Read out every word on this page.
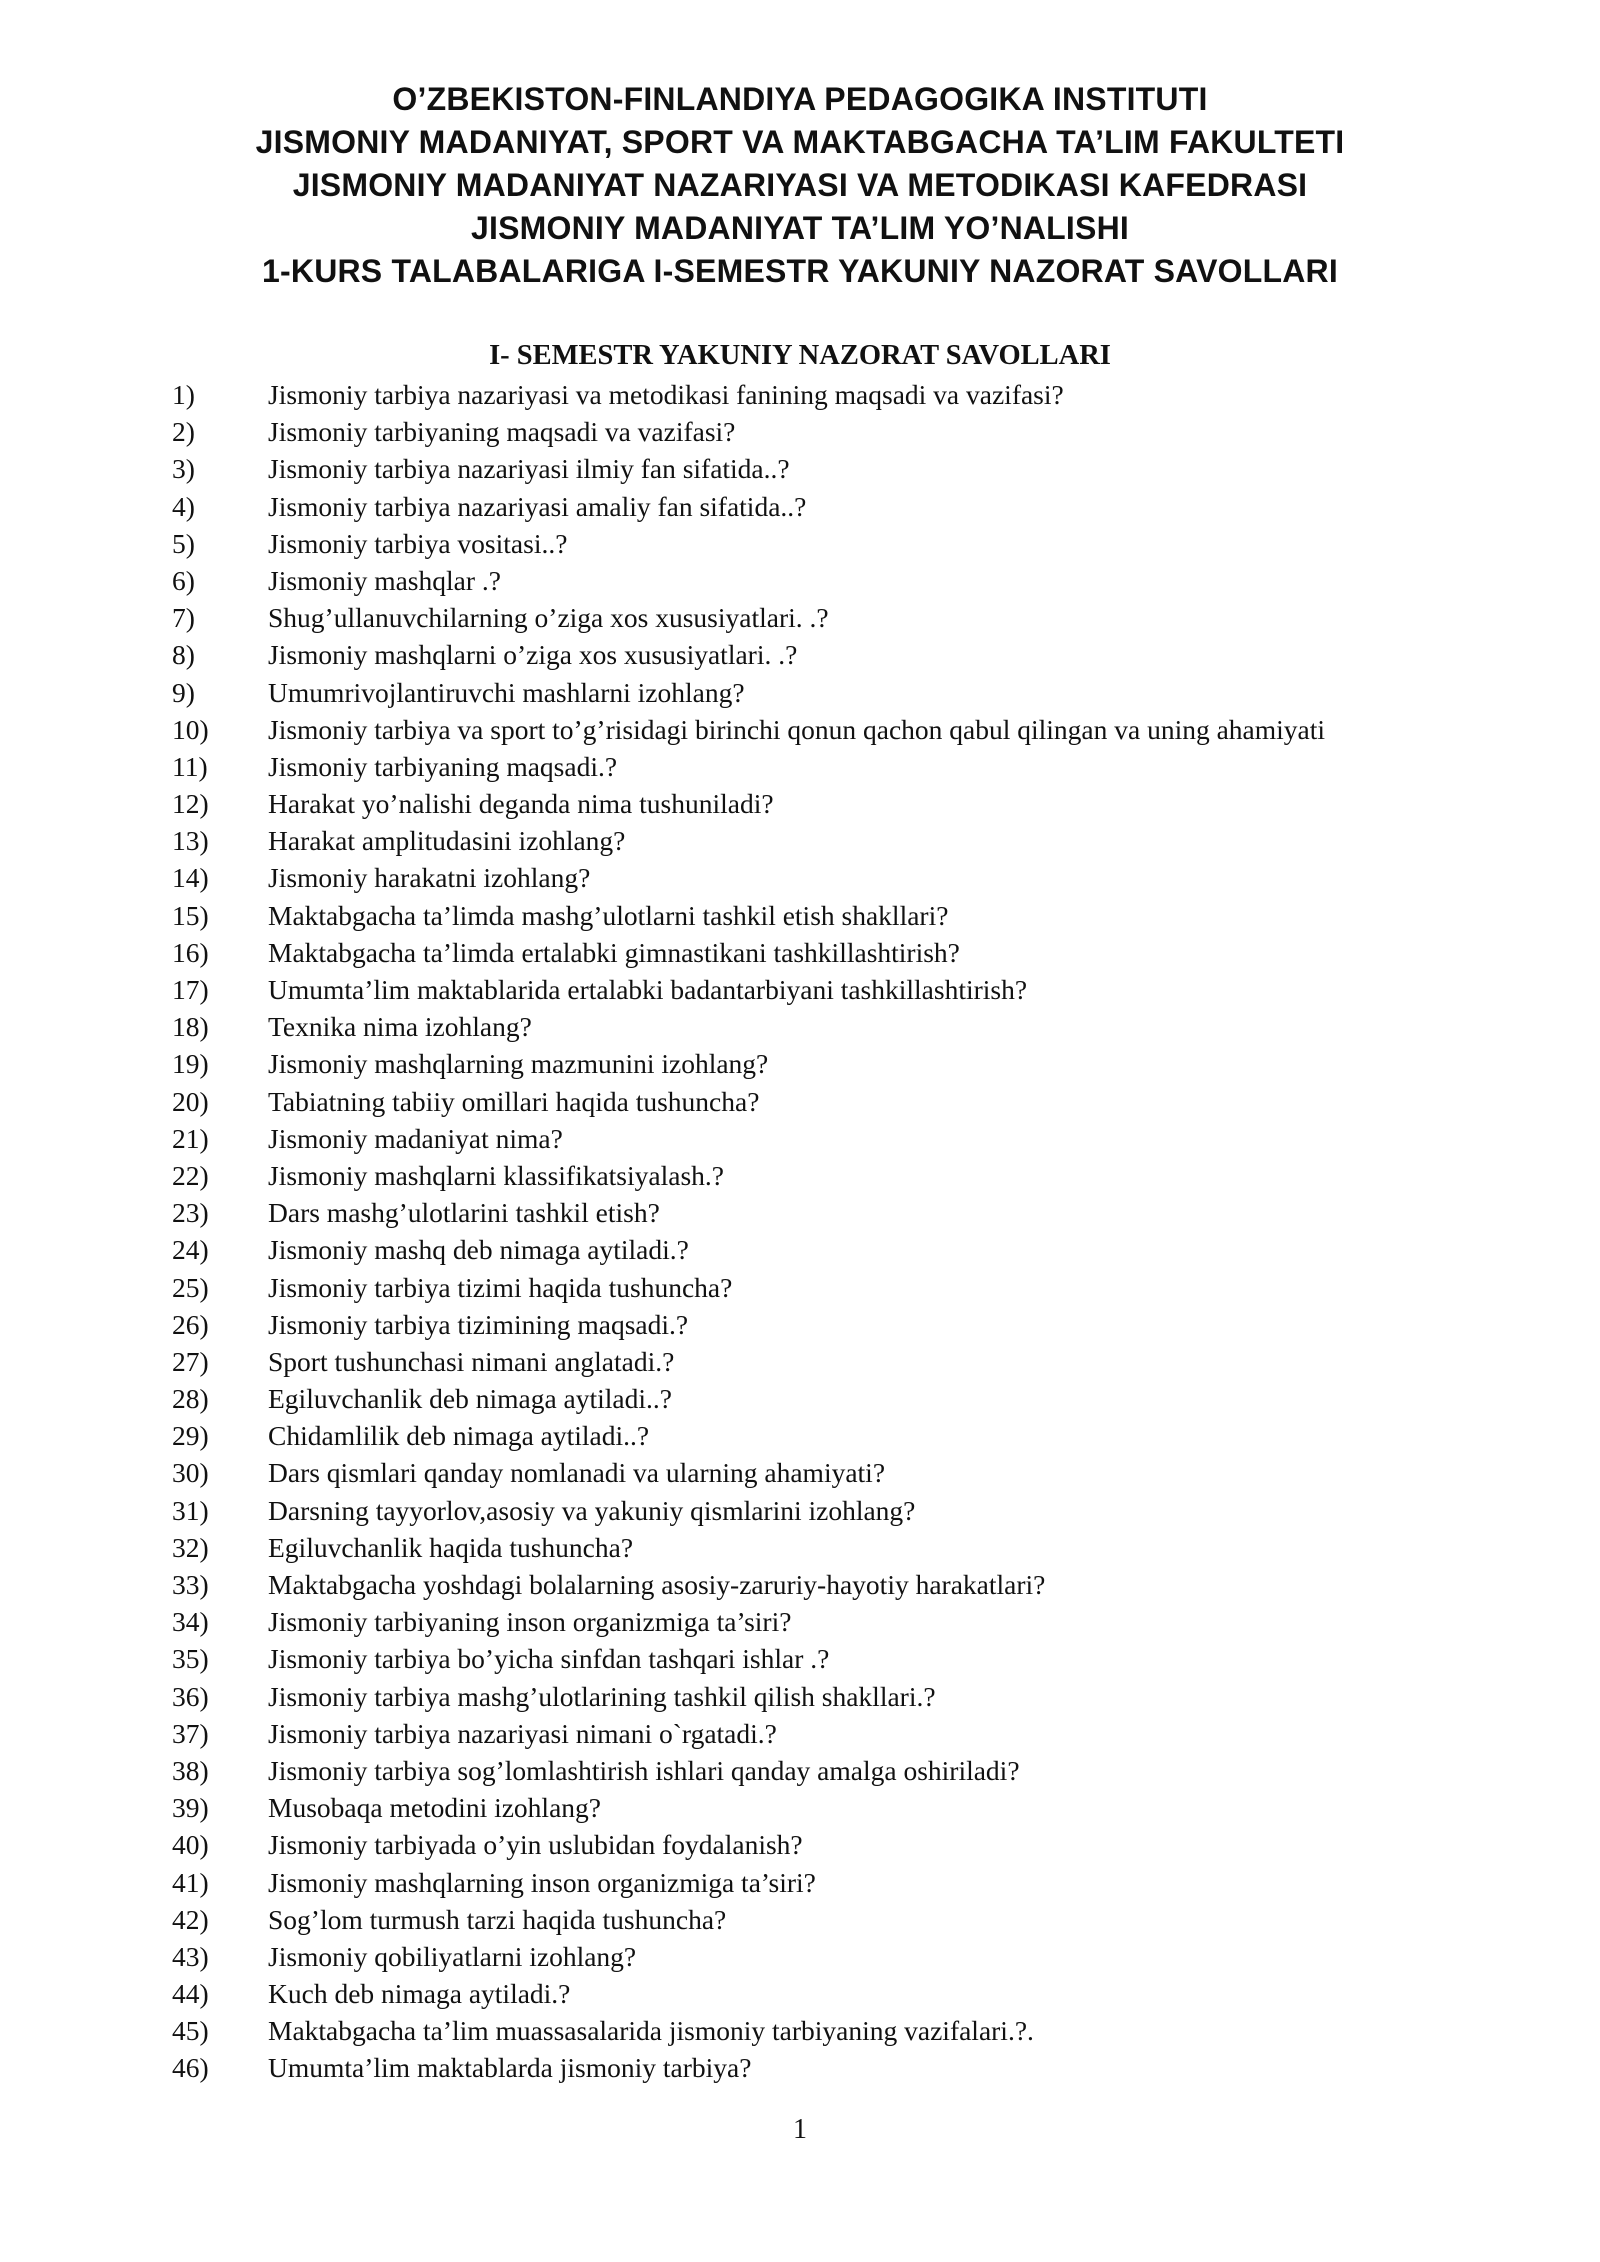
O’ZBEKISTON-FINLANDIYA PEDAGOGIKA INSTITUTI
JISMONIY MADANIYAT, SPORT VA MAKTABGACHA TA’LIM FAKULTETI
JISMONIY MADANIYAT NAZARIYASI VA METODIKASI KAFEDRASI
JISMONIY MADANIYAT TA’LIM YO’NALISHI
1-KURS TALABALARIGA I-SEMESTR YAKUNIY NAZORAT SAVOLLARI
I- SEMESTR YAKUNIY NAZORAT SAVOLLARI
1)	Jismoniy tarbiya nazariyasi va metodikasi fanining maqsadi va vazifasi?
2)	Jismoniy tarbiyaning maqsadi va vazifasi?
3)	Jismoniy tarbiya nazariyasi ilmiy fan sifatida..?
4)	Jismoniy tarbiya nazariyasi amaliy fan sifatida..?
5)	Jismoniy tarbiya vositasi..?
6)	Jismoniy mashqlar .?
7)	Shug’ullanuvchilarning o’ziga xos xususiyatlari. .?
8)	Jismoniy mashqlarni o’ziga xos xususiyatlari. .?
9)	Umumrivojlantiruvchi mashlarni izohlang?
10) Jismoniy tarbiya va sport to’g’risidagi birinchi qonun qachon qabul qilingan va uning ahamiyati
11) Jismoniy tarbiyaning maqsadi.?
12) Harakat yo’nalishi deganda nima tushuniladi?
13) Harakat amplitudasini izohlang?
14) Jismoniy harakatni izohlang?
15) Maktabgacha ta’limda mashg’ulotlarni tashkil etish shakllari?
16) Maktabgacha ta’limda ertalabki gimnastikani tashkillashtirish?
17) Umumta’lim maktablarida ertalabki badantarbiyani tashkillashtirish?
18) Texnika nima izohlang?
19) Jismoniy mashqlarning mazmunini izohlang?
20) Tabiatning tabiiy omillari haqida tushuncha?
21) Jismoniy madaniyat nima?
22) Jismoniy mashqlarni klassifikatsiyalash.?
23) Dars mashg’ulotlarini tashkil etish?
24) Jismoniy mashq deb nimaga aytiladi.?
25) Jismoniy tarbiya tizimi haqida tushuncha?
26) Jismoniy tarbiya tizimining maqsadi.?
27) Sport tushunchasi nimani anglatadi.?
28) Egiluvchanlik deb nimaga aytiladi..?
29) Chidamlilik deb nimaga aytiladi..?
30) Dars qismlari qanday nomlanadi va ularning ahamiyati?
31) Darsning tayyorlov,asosiy va yakuniy qismlarini izohlang?
32) Egiluvchanlik haqida tushuncha?
33) Maktabgacha yoshdagi bolalarning asosiy-zaruriy-hayotiy harakatlari?
34) Jismoniy tarbiyaning inson organizmiga ta’siri?
35) Jismoniy tarbiya bo’yicha sinfdan tashqari ishlar .?
36) Jismoniy tarbiya mashg’ulotlarining tashkil qilish shakllari.?
37) Jismoniy tarbiya nazariyasi nimani o`rgatadi.?
38) Jismoniy tarbiya sog’lomlashtirish ishlari qanday amalga oshiriladi?
39) Musobaqa metodini izohlang?
40) Jismoniy tarbiyada o’yin uslubidan foydalanish?
41) Jismoniy mashqlarning inson organizmiga ta’siri?
42) Sog’lom turmush tarzi haqida tushuncha?
43) Jismoniy qobiliyatlarni izohlang?
44) Kuch deb nimaga aytiladi.?
45) Maktabgacha ta’lim muassasalarida jismoniy tarbiyaning vazifalari.?.
46) Umumta’lim maktablarda jismoniy tarbiya?
1
